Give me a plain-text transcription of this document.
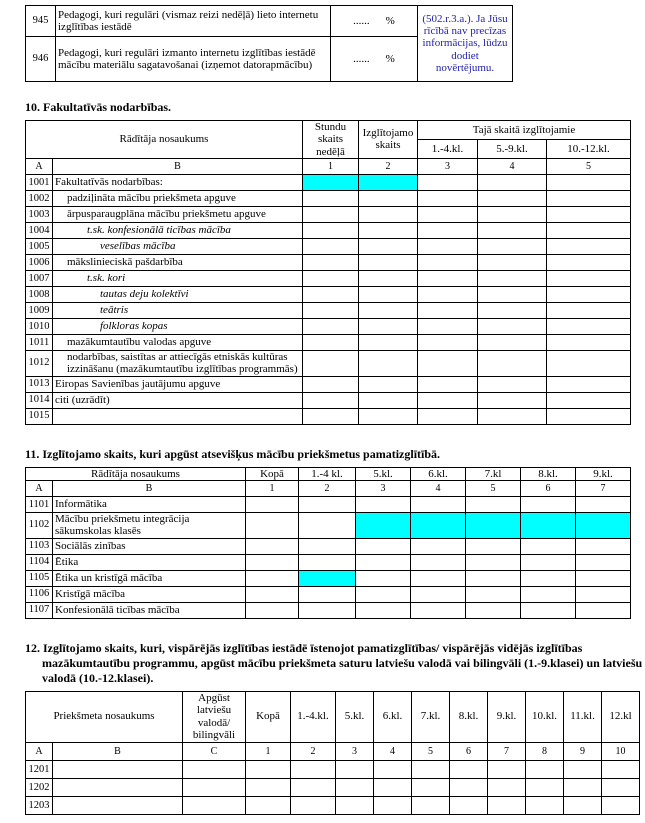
945	Pedagogi, kuri regulāri (vismaz reizi nedēļā) lieto internetu izglītības iestādē	...... %	(502.r.3.a.). Ja Jūsu rīcībā nav precīzas informācijas, lūdzu dodiet novērtējumu.
946	Pedagogi, kuri regulāri izmanto internetu izglītības iestādē mācību materiālu sagatavošanai (izņemot datorapmācību)	...... %	
10. Fakultatīvās nodarbības.
Rādītāja nosaukums		Stundu skaits nedēļā	Izglītojamo skaits	Tajā skaitā izglītojamie		
				1.-4.kl.	5.-9.kl.	10.-12.kl.
A	B	1	2	3	4	5
1001	Fakultatīvās nodarbības:					
1002	padziļināta mācību priekšmeta apguve					
1003	ārpusparaugplāna mācību priekšmetu apguve					
1004	t.sk. konfesionālā ticības mācība					
1005	veselības mācība					
1006	mākslinieciskā pašdarbība					
1007	t.sk. kori					
1008	tautas deju kolektīvi					
1009	teātris					
1010	folkloras kopas					
1011	mazākumtautību valodas apguve					
1012	nodarbības, saistītas ar attiecīgās etniskās kultūras izzināšanu (mazākumtautību izglītības programmās)					
1013	Eiropas Savienības jautājumu apguve					
1014	citi (uzrādīt)					
1015						
11. Izglītojamo skaits, kuri apgūst atsevišķus mācību priekšmetus pamatizglītībā.
Rādītāja nosaukums		Kopā	1.-4 kl.	5.kl.	6.kl.	7.kl	8.kl.	9.kl.
A	B	1	2	3	4	5	6	7
1101	Informātika							
1102	Mācību priekšmetu integrācija sākumskolas klasēs							
1103	Sociālās zinības							
1104	Ētika							
1105	Ētika un kristīgā mācība							
1106	Kristīgā mācība							
1107	Konfesionālā ticības mācība							
12. Izglītojamo skaits, kuri, vispārējās izglītības iestādē īstenojot pamatizglītības/ vispārējās vidējās izglītības mazākumtautību programmu, apgūst mācību priekšmeta saturu latviešu valodā vai bilingvāli (1.-9.klasei) un latviešu valodā (10.-12.klasei).
Priekšmeta nosaukums		Apgūst latviešu valodā/ bilingvāli	Kopā	1.-4.kl.	5.kl.	6.kl.	7.kl.	8.kl.	9.kl.	10.kl.	11.kl.	12.kl
A	B	C	1	2	3	4	5	6	7	8	9	10
1201												
1202												
1203												
